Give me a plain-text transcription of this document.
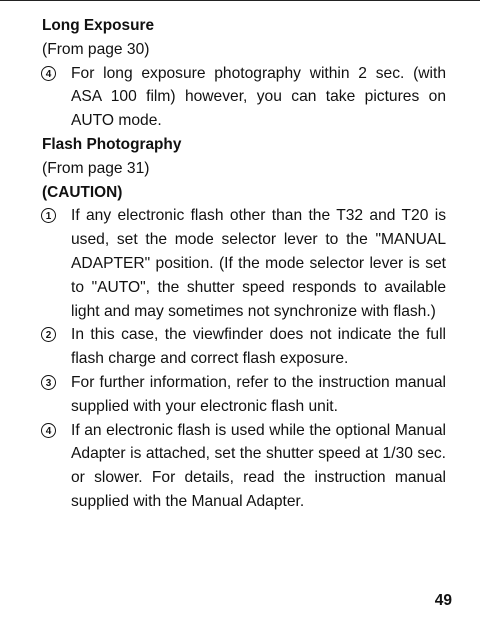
Long Exposure

(From page 30)

4	For long exposure photography within 2 sec. (with ASA 100 film) however, you can take pictures on AUTO mode.

Flash Photography

(From page 31)

(CAUTION)

1	If any electronic flash other than the T32 and T20 is used, set the mode selector lever to the "MANUAL ADAPTER" position. (If the mode selector lever is set to "AUTO", the shutter speed responds to available light and may sometimes not synchronize with flash.)

2	In this case, the viewfinder does not indicate the full flash charge and correct flash exposure.

3	For further information, refer to the instruction manual supplied with your electronic flash unit.

4	If an electronic flash is used while the optional Manual Adapter is attached, set the shutter speed at 1/30 sec. or slower. For details, read the instruction manual supplied with the Manual Adapter.

49
